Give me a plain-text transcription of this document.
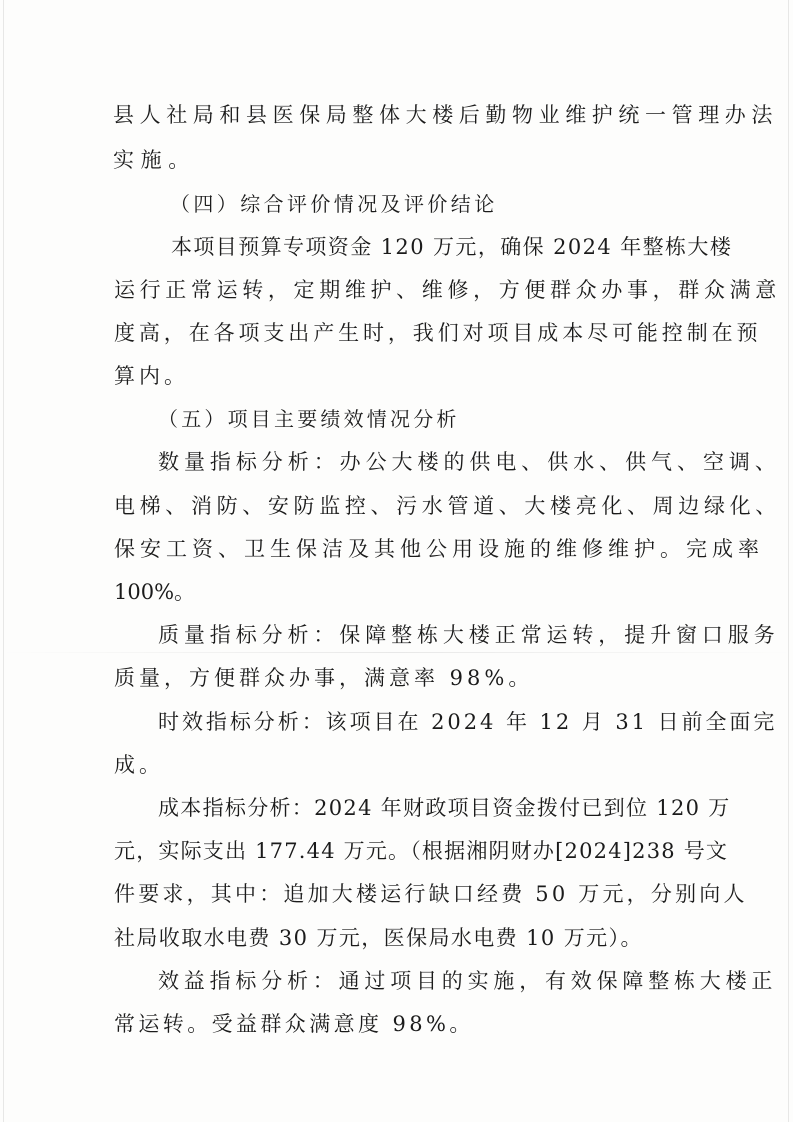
县人社局和县医保局整体大楼后勤物业维护统一管理办法
实施。
（四）综合评价情况及评价结论
本项目预算专项资金 120 万元，确保 2024 年整栋大楼
运行正常运转，定期维护、维修，方便群众办事，群众满意
度高，在各项支出产生时，我们对项目成本尽可能控制在预
算内。
（五）项目主要绩效情况分析
数量指标分析：办公大楼的供电、供水、供气、空调、
电梯、消防、安防监控、污水管道、大楼亮化、周边绿化、
保安工资、卫生保洁及其他公用设施的维修维护。完成率
100%。
质量指标分析：保障整栋大楼正常运转，提升窗口服务
质量，方便群众办事，满意率 98%。
时效指标分析：该项目在 2024 年 12 月 31 日前全面完
成。
成本指标分析：2024 年财政项目资金拨付已到位 120 万
元，实际支出 177.44 万元。（根据湘阴财办[2024]238 号文
件要求，其中：追加大楼运行缺口经费 50 万元，分别向人
社局收取水电费 30 万元，医保局水电费 10 万元）。
效益指标分析：通过项目的实施，有效保障整栋大楼正
常运转。受益群众满意度 98%。
